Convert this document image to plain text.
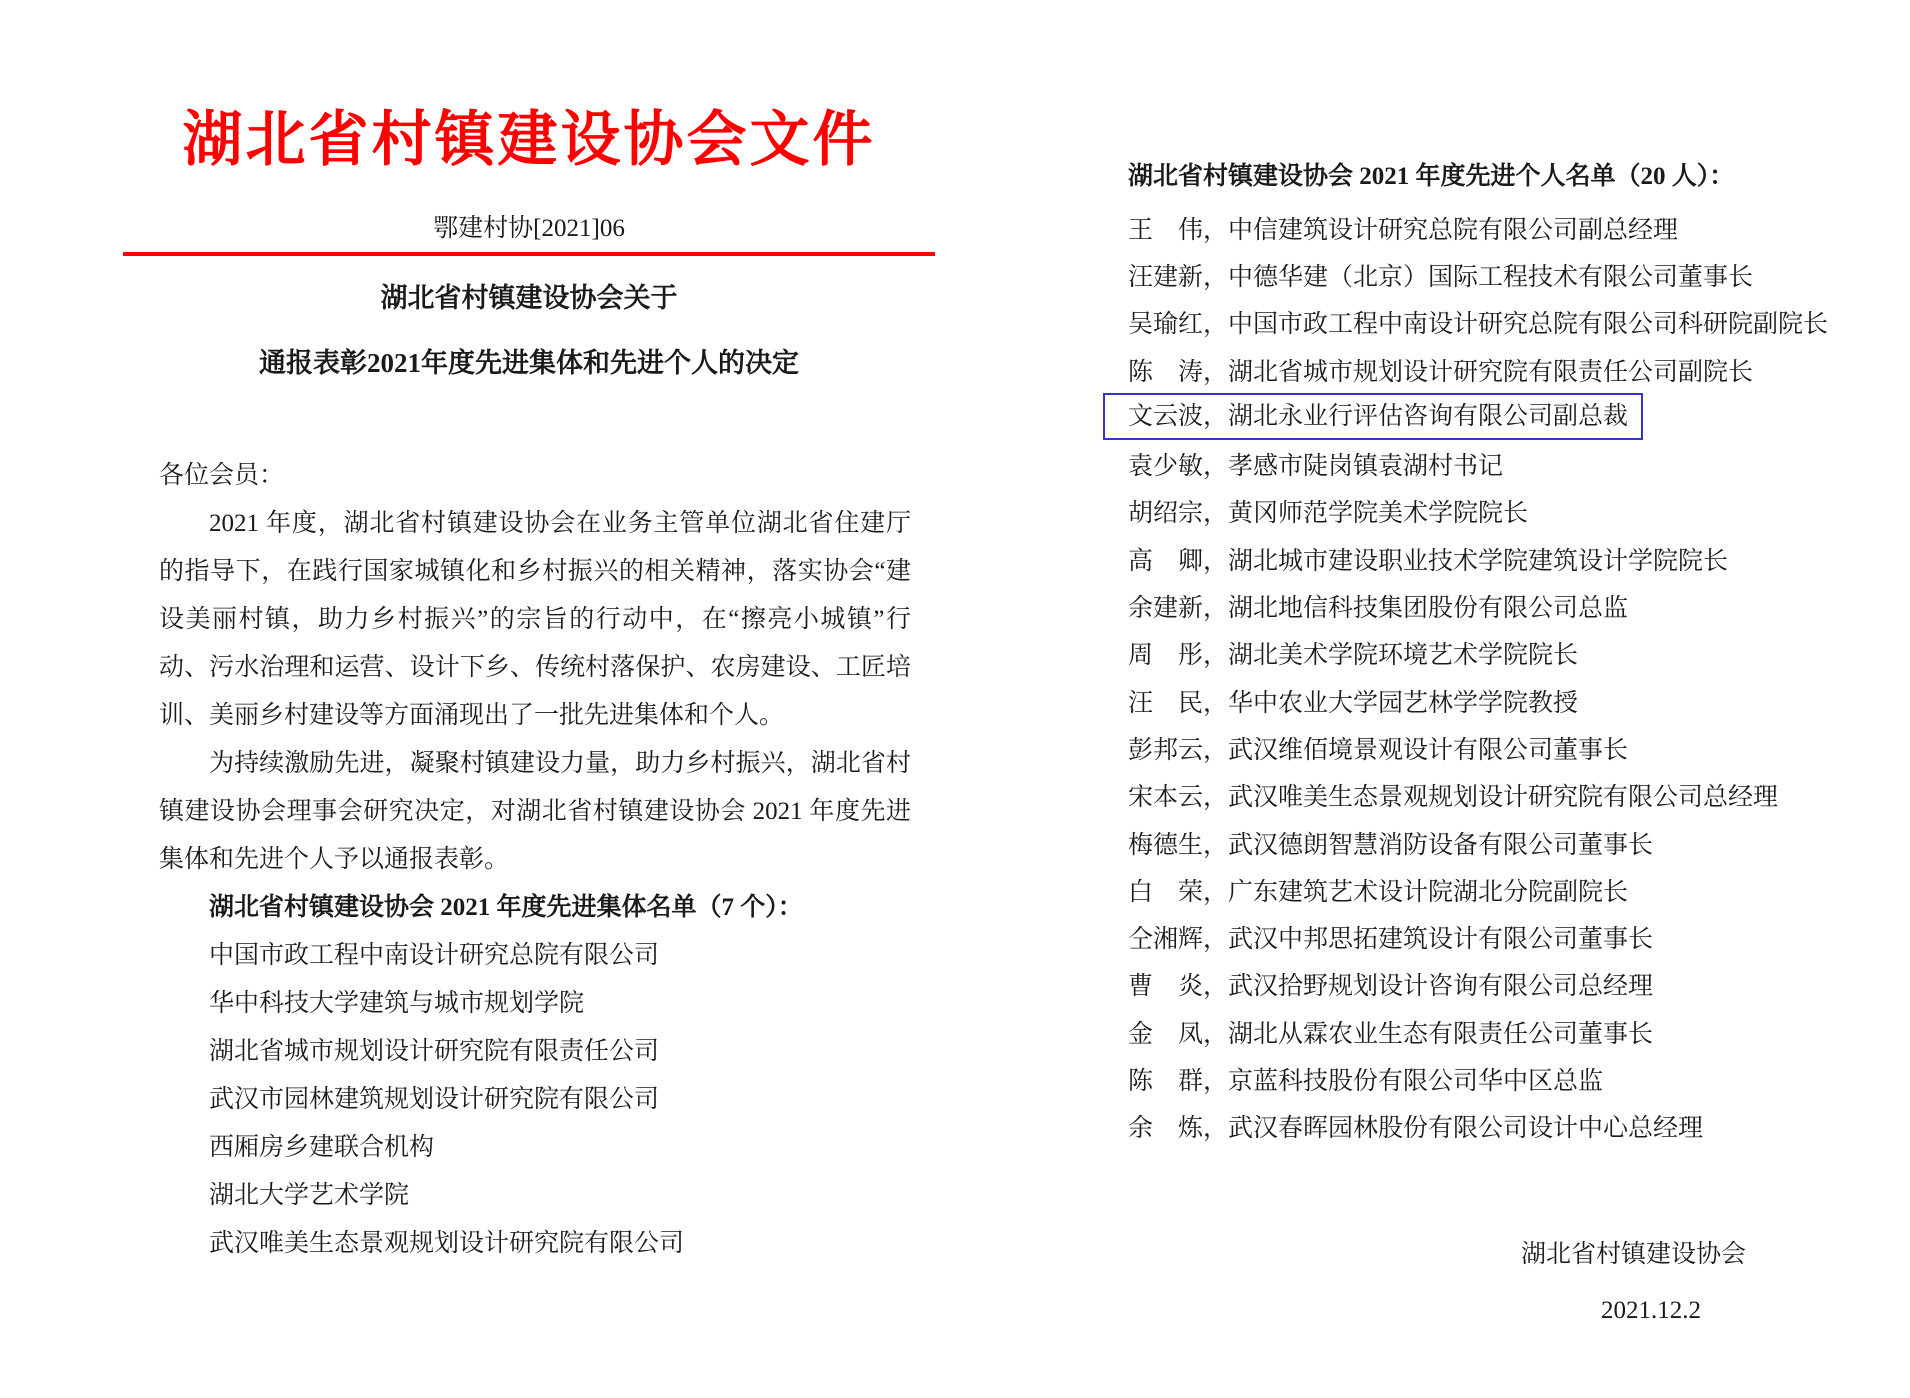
湖北省村镇建设协会文件
鄂建村协[2021]06
湖北省村镇建设协会关于
通报表彰2021年度先进集体和先进个人的决定
各位会员：

2021 年度，湖北省村镇建设协会在业务主管单位湖北省住建厅的指导下，在践行国家城镇化和乡村振兴的相关精神，落实协会“建设美丽村镇，助力乡村振兴”的宗旨的行动中，在“擦亮小城镇”行动、污水治理和运营、设计下乡、传统村落保护、农房建设、工匠培训、美丽乡村建设等方面涌现出了一批先进集体和个人。

为持续激励先进，凝聚村镇建设力量，助力乡村振兴，湖北省村镇建设协会理事会研究决定，对湖北省村镇建设协会 2021 年度先进集体和先进个人予以通报表彰。

湖北省村镇建设协会 2021 年度先进集体名单（7 个）：
中国市政工程中南设计研究总院有限公司
华中科技大学建筑与城市规划学院
湖北省城市规划设计研究院有限责任公司
武汉市园林建筑规划设计研究院有限公司
西厢房乡建联合机构
湖北大学艺术学院
武汉唯美生态景观规划设计研究院有限公司
湖北省村镇建设协会 2021 年度先进个人名单（20 人）：
王　伟，中信建筑设计研究总院有限公司副总经理
汪建新，中德华建（北京）国际工程技术有限公司董事长
吴瑜红，中国市政工程中南设计研究总院有限公司科研院副院长
陈　涛，湖北省城市规划设计研究院有限责任公司副院长
文云波，湖北永业行评估咨询有限公司副总裁
袁少敏，孝感市陡岗镇袁湖村书记
胡绍宗，黄冈师范学院美术学院院长
高　卿，湖北城市建设职业技术学院建筑设计学院院长
余建新，湖北地信科技集团股份有限公司总监
周　彤，湖北美术学院环境艺术学院院长
汪　民，华中农业大学园艺林学学院教授
彭邦云，武汉维佰境景观设计有限公司董事长
宋本云，武汉唯美生态景观规划设计研究院有限公司总经理
梅德生，武汉德朗智慧消防设备有限公司董事长
白　荣，广东建筑艺术设计院湖北分院副院长
仝湘辉，武汉中邦思拓建筑设计有限公司董事长
曹　炎，武汉拾野规划设计咨询有限公司总经理
金　凤，湖北从霖农业生态有限责任公司董事长
陈　群，京蓝科技股份有限公司华中区总监
余　炼，武汉春晖园林股份有限公司设计中心总经理
湖北省村镇建设协会
2021.12.2
